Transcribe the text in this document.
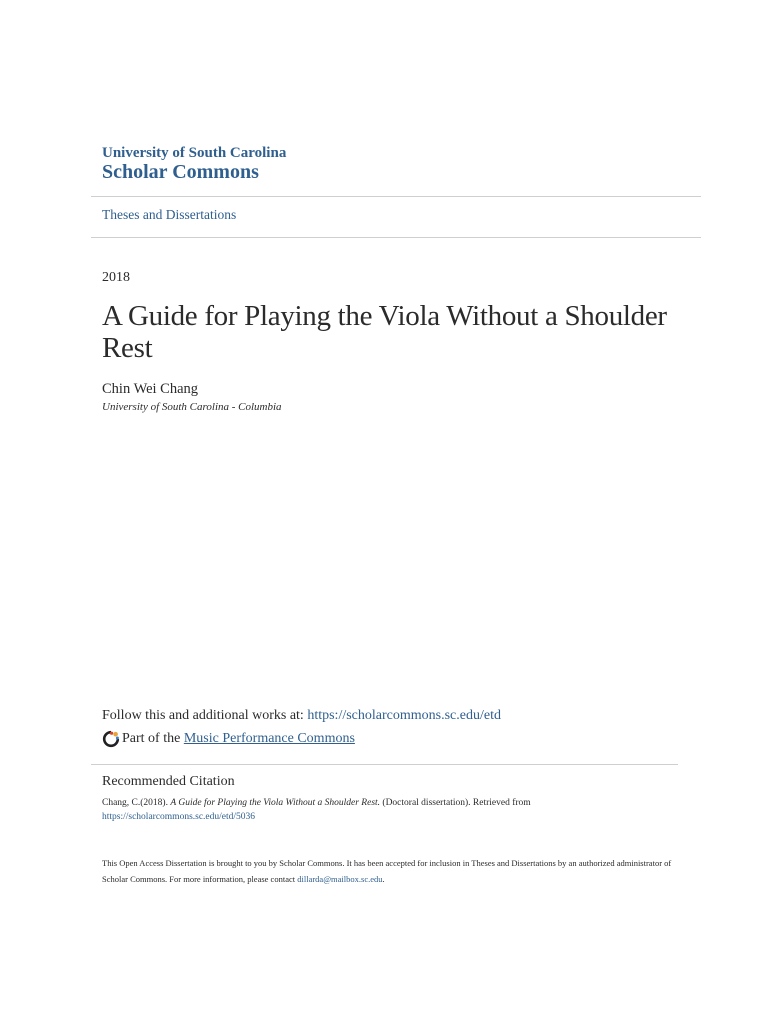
University of South Carolina
Scholar Commons
Theses and Dissertations
2018
A Guide for Playing the Viola Without a Shoulder Rest
Chin Wei Chang
University of South Carolina - Columbia
Follow this and additional works at: https://scholarcommons.sc.edu/etd
Part of the Music Performance Commons
Recommended Citation
Chang, C.(2018). A Guide for Playing the Viola Without a Shoulder Rest. (Doctoral dissertation). Retrieved from
https://scholarcommons.sc.edu/etd/5036
This Open Access Dissertation is brought to you by Scholar Commons. It has been accepted for inclusion in Theses and Dissertations by an authorized administrator of Scholar Commons. For more information, please contact dillarda@mailbox.sc.edu.
